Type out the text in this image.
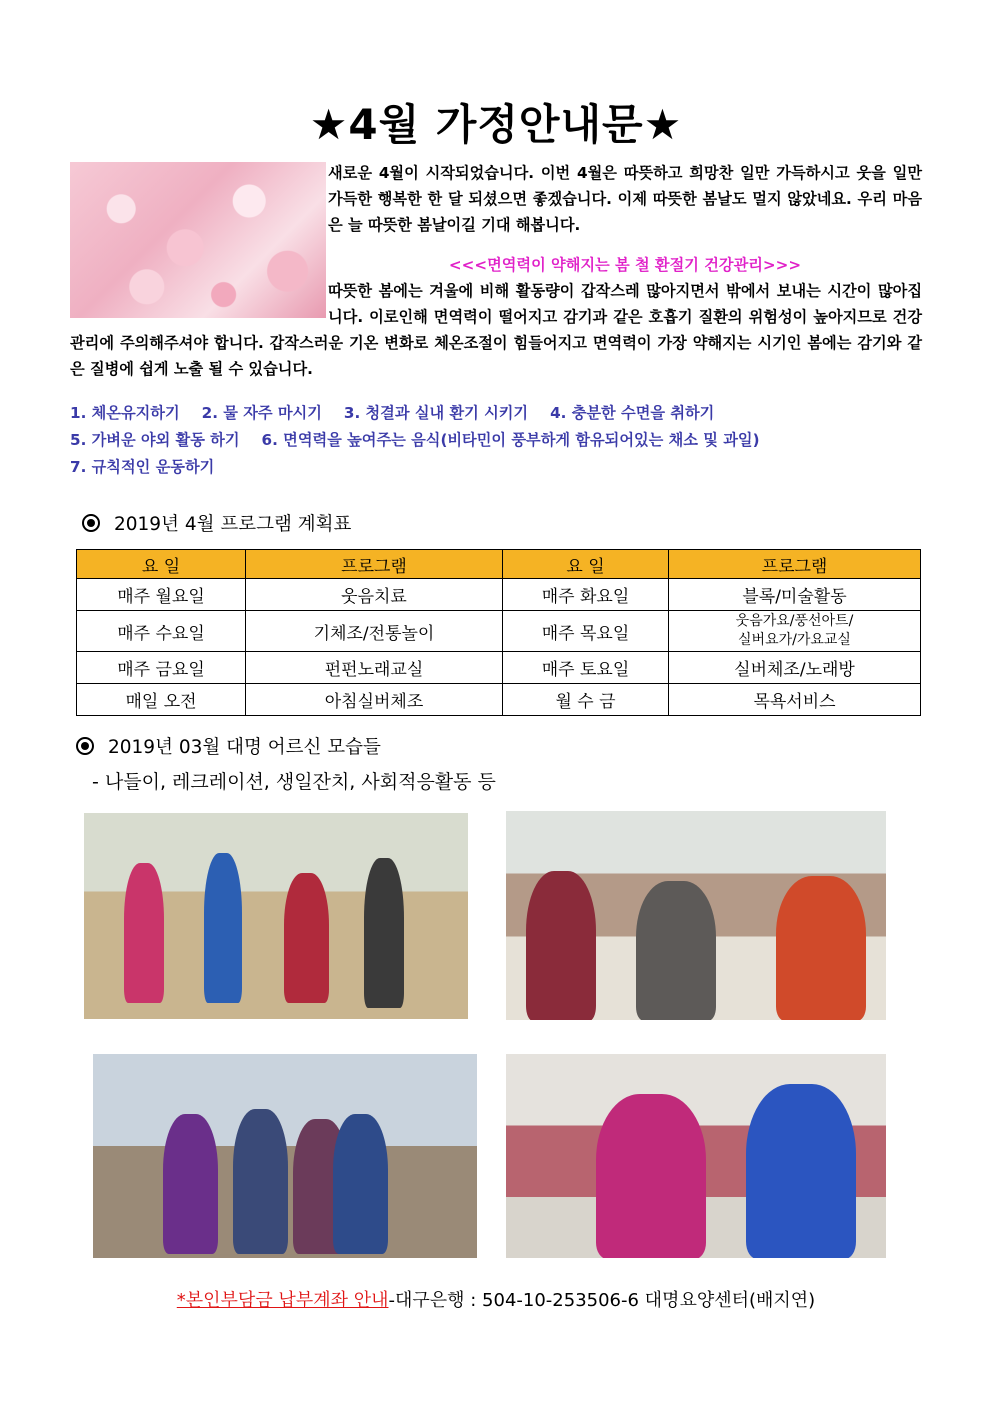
★4월 가정안내문★

새로운 4월이 시작되었습니다. 이번 4월은 따뜻하고 희망찬 일만 가득하시고 웃을 일만 가득한 행복한 한 달 되셨으면 좋겠습니다. 이제 따뜻한 봄날도 멀지 않았네요. 우리 마음은 늘 따뜻한 봄날이길 기대 해봅니다.

<<<면역력이 약해지는 봄 철 환절기 건강관리>>>

따뜻한 봄에는 겨울에 비해 활동량이 갑작스레 많아지면서 밖에서 보내는 시간이 많아집니다. 이로인해 면역력이 떨어지고 감기과 같은 호흡기 질환의 위험성이 높아지므로 건강관리에 주의해주셔야 합니다. 갑작스러운 기온 변화로 체온조절이 힘들어지고 면역력이 가장 약해지는 시기인 봄에는 감기와 같은 질병에 쉽게 노출 될 수 있습니다.

1. 체온유지하기 2. 물 자주 마시기 3. 청결과 실내 환기 시키기 4. 충분한 수면을 취하기
5. 가벼운 야외 활동 하기 6. 면역력을 높여주는 음식(비타민이 풍부하게 함유되어있는 채소 및 과일)
7. 규칙적인 운동하기
2019년 4월 프로그램 계획표
요 일	프로그램	요 일	프로그램
매주 월요일	웃음치료	매주 화요일	블록/미술활동
매주 수요일	기체조/전통놀이	매주 목요일	웃음가요/풍선아트/
실버요가/가요교실

매주 금요일	펀펀노래교실	매주 토요일	실버체조/노래방
매일 오전	아침실버체조	월 수 금	목욕서비스
2019년 03월 대명 어르신 모습들
- 나들이, 레크레이션, 생일잔치, 사회적응활동 등
*본인부담금 납부계좌 안내-대구은행 : 504-10-253506-6 대명요양센터(배지연)
